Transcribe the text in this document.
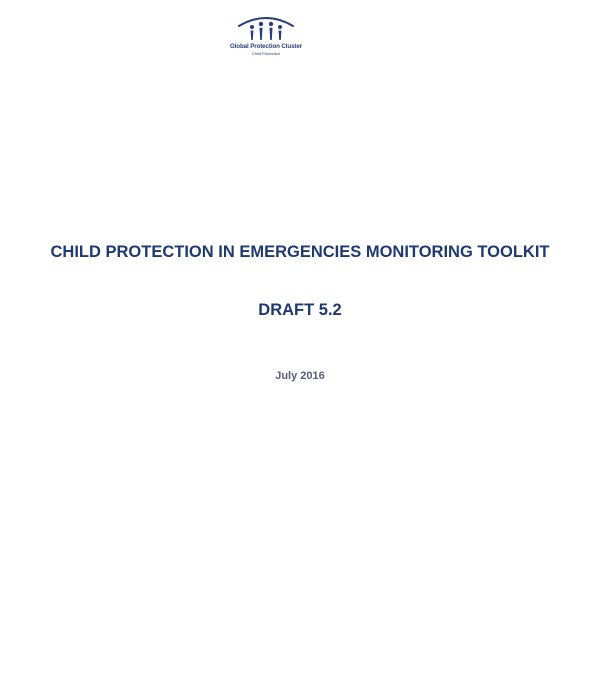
Global Protection Cluster
Child Protection
CHILD PROTECTION IN EMERGENCIES MONITORING TOOLKIT
DRAFT 5.2
July 2016
